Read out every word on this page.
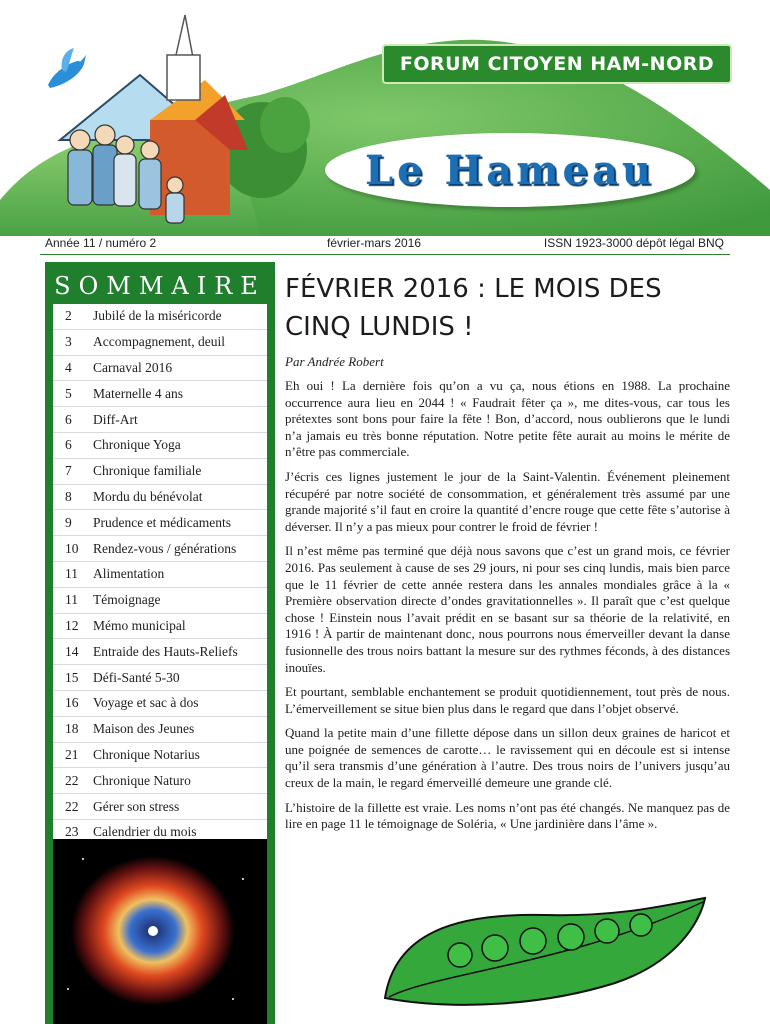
FORUM CITOYEN HAM-NORD
Le Hameau
Année 11 / numéro 2	février-mars 2016	ISSN 1923-3000 dépôt légal BNQ
SOMMAIRE
2	Jubilé de la miséricorde
3	Accompagnement, deuil
4	Carnaval 2016
5	Maternelle 4 ans
6	Diff-Art
6	Chronique Yoga
7	Chronique familiale
8	Mordu du bénévolat
9	Prudence et médicaments
10	Rendez-vous / générations
11	Alimentation
11	Témoignage
12	Mémo municipal
14	Entraide des Hauts-Reliefs
15	Défi-Santé 5-30
16	Voyage et sac à dos
18	Maison des Jeunes
21	Chronique Notarius
22	Chronique Naturo
22	Gérer son stress
23	Calendrier du mois
FÉVRIER 2016 : LE MOIS DES CINQ LUNDIS !
Par Andrée Robert

Eh oui ! La dernière fois qu’on a vu ça, nous étions en 1988. La prochaine occurrence aura lieu en 2044 ! « Faudrait fêter ça », me dites-vous, car tous les prétextes sont bons pour faire la fête ! Bon, d’accord, nous oublierons que le lundi n’a jamais eu très bonne réputation. Notre petite fête aurait au moins le mérite de n’être pas commerciale.

J’écris ces lignes justement le jour de la Saint-Valentin. Événement pleinement récupéré par notre société de consommation, et généralement très assumé par une grande majorité s’il faut en croire la quantité d’encre rouge que cette fête s’autorise à déverser. Il n’y a pas mieux pour contrer le froid de février !

Il n’est même pas terminé que déjà nous savons que c’est un grand mois, ce février 2016. Pas seulement à cause de ses 29 jours, ni pour ses cinq lundis, mais bien parce que le 11 février de cette année restera dans les annales mondiales grâce à la « Première observation directe d’ondes gravitationnelles ». Il paraît que c’est quelque chose ! Einstein nous l’avait prédit en se basant sur sa théorie de la relativité, en 1916 ! À partir de maintenant donc, nous pourrons nous émerveiller devant la danse fusionnelle des trous noirs battant la mesure sur des rythmes féconds, à des distances inouïes.

Et pourtant, semblable enchantement se produit quotidiennement, tout près de nous. L’émerveillement se situe bien plus dans le regard que dans l’objet observé.

Quand la petite main d’une fillette dépose dans un sillon deux graines de haricot et une poignée de semences de carotte… le ravissement qui en découle est si intense qu’il sera transmis d’une génération à l’autre. Des trous noirs de l’univers jusqu’au creux de la main, le regard émerveillé demeure une grande clé.

L’histoire de la fillette est vraie. Les noms n’ont pas été changés. Ne manquez pas de lire en page 11 le témoignage de Soléria, « Une jardinière dans l’âme ».
